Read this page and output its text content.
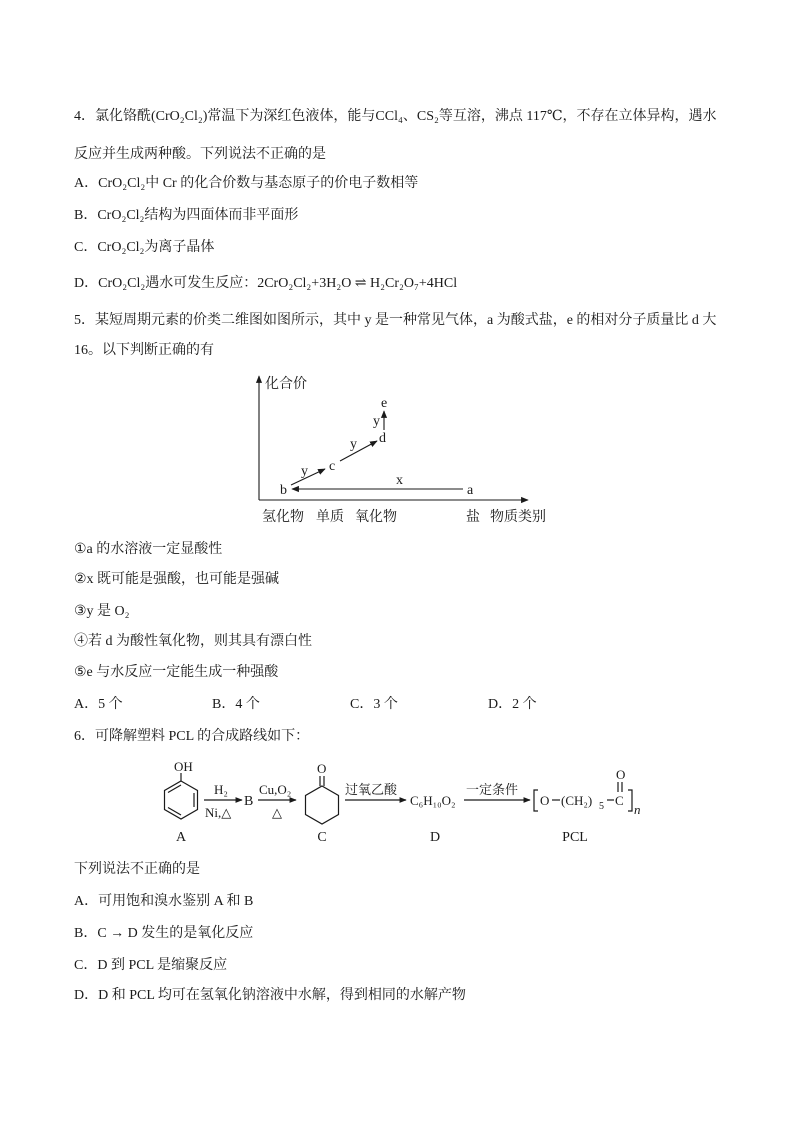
4．氯化铬酰(CrO₂Cl₂)常温下为深红色液体，能与CCl₄、CS₂等互溶，沸点 117℃，不存在立体异构，遇水
反应并生成两种酸。下列说法不正确的是
A．CrO₂Cl₂中 Cr 的化合价数与基态原子的价电子数相等
B．CrO₂Cl₂结构为四面体而非平面形
C．CrO₂Cl₂为离子晶体
D．CrO₂Cl₂遇水可发生反应：2CrO₂Cl₂+3H₂O ⇌ H₂Cr₂O₇+4HCl
5．某短周期元素的价类二维图如图所示，其中 y 是一种常见气体，a 为酸式盐，e 的相对分子质量比 d 大
16。以下判断正确的有
化合价
b
c
d
e
a
y
y
y
x
氢化物 单质 氧化物	盐 物质类别
①a 的水溶液一定显酸性
②x 既可能是强酸，也可能是强碱
③y 是 O₂
④若 d 为酸性氧化物，则其具有漂白性
⑤e 与水反应一定能生成一种强酸
A．5 个	B．4 个	C．3 个	D．2 个
6．可降解塑料 PCL 的合成路线如下：
OH
A
H₂
Ni,△
B
Cu,O₂
△
O
C
过氧乙酸
C₆H₁₀O₂
D
一定条件
O (CH₂) 5 C
O
n
PCL
下列说法不正确的是
A．可用饱和溴水鉴别 A 和 B
B．C → D 发生的是氧化反应
C．D 到 PCL 是缩聚反应
D．D 和 PCL 均可在氢氧化钠溶液中水解，得到相同的水解产物
